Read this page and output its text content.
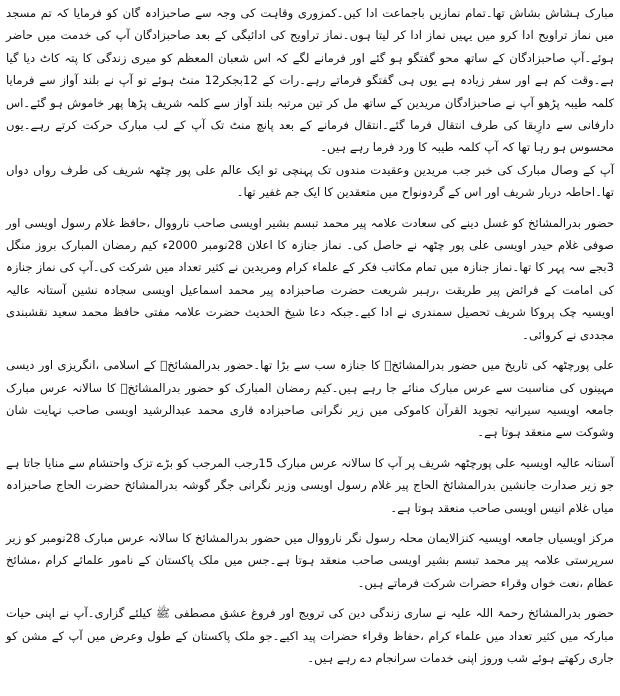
مبارک ہشاش بشاش تھا۔تمام نمازیں باجماعت ادا کیں۔کمزوری وقاہت کی وجہ سے صاحبزادہ گان کو فرمایا کہ تم مسجد میں نماز تراویح ادا کرو میں یہیں نماز ادا کر لیتا ہوں۔نماز تراویح کی ادائیگی کے بعد صاحبزادگان آپ کی خدمت میں حاضر ہوئے۔آپ صاحبزادگان کے ساتھ محو گفتگو ہو گئے اور فرمانے لگے کہ اس شعبان المعظم کو میری زندگی کا پتہ کاٹ دیا گیا ہے۔وقت کم ہے اور سفر زیادہ ہے یوں ہی گفتگو فرماتے رہے۔رات کے 12بجکر12 منٹ ہوئے تو آپ نے بلند آواز سے فرمایا کلمہ طیبہ پڑھو آپ نے صاحبزادگان مریدین کے ساتھ مل کر تین مرتبہ بلند آواز سے کلمہ شریف پڑھا پھر خاموش ہو گئے۔اس دارفانی سے دارِبقا کی طرف انتقال فرما گئے۔انتقال فرمانے کے بعد پانچ منٹ تک آپ کے لب مبارک حرکت کرتے رہے۔یوں محسوس ہو رہا تھا کہ آپ کلمہ طیبہ کا ورد فرما رہے ہیں۔

آپ کے وصال مبارک کی خبر جب مریدین وعقیدت مندوں تک پہنچی تو ایک عالم علی پور چٹھہ شریف کی طرف رواں دواں تھا۔احاطہ دربار شریف اور اس کے گردونواح میں متعقدین کا ایک جم غفیر تھا۔

حضور بدرالمشائخ کو غسل دینے کی سعادت علامہ پیر محمد تبسم بشیر اویسی صاحب نارووال ،حافظ غلام رسول اویسی اور صوفی غلام حیدر اویسی علی پور چٹھہ نے حاصل کی۔ نماز جنازہ کا اعلان 28نومبر 2000ء کیم رمضان المبارک بروز منگل 3بجے سہ پہر کا تھا۔نماز جنازہ میں تمام مکاتب فکر کے علماء کرام ومریدین نے کثیر تعداد میں شرکت کی۔آپ کی نماز جنازہ کی امامت کے فرائض پیر طریقت ،رہبر شریعت حضرت صاحبزادہ پیر محمد اسماعیل اویسی سجادہ نشین آستانہ عالیہ اویسیہ چک پروکا شریف تحصیل سمندری نے ادا کیے۔جبکہ دعا شیخ الحدیث حضرت علامہ مفتی حافظ محمد سعید نقشبندی مجددی نے کروائی۔

علی پورچٹھہ کی تاریخ میں حضور بدرالمشائخؒ کا جنازہ سب سے بڑا تھا۔حضور بدرالمشائخؒ کے اسلامی ،انگریزی اور دیسی مہینوں کی مناسبت سے عرس مبارک منائے جا رہے ہیں۔کیم رمضان المبارک کو حضور بدرالمشائخؒ کا سالانہ عرس مبارک جامعہ اویسیہ سیرانیہ تجوید القرآن کاموکی میں زیر نگرانی صاحبزادہ قاری محمد عبدالرشید اویسی صاحب نہایت شان وشوکت سے منعقد ہوتا ہے۔

آستانہ عالیہ اویسیہ علی پورچٹھہ شریف پر آپ کا سالانہ عرس مبارک 15رجب المرجب کو بڑے تزک واحتشام سے منایا جاتا ہے جو زیر صدارت جانشین بدرالمشائخ الحاج پیر غلام رسول اویسی وزیر نگرانی جگر گوشہ بدرالمشائخ حضرت الحاج صاحبزادہ میاں غلام انیس اویسی صاحب منعقد ہوتا ہے۔

مرکز اویسیاں جامعہ اویسیہ کنزالایمان محلہ رسول نگر نارووال میں حضور بدرالمشائخ کا سالانہ عرس مبارک 28نومبر کو زیر سرپرستی علامہ پیر محمد تبسم بشیر اویسی صاحب منعقد ہوتا ہے۔جس میں ملک پاکستان کے نامور علمائے کرام ،مشائخ عظام ،نعت خواں وقراء حضرات شرکت فرماتے ہیں۔

حضور بدرالمشائخ رحمۃ اللہ علیہ نے ساری زندگی دین کی ترویج اور فروغ عشق مصطفی ﷺ کیلئے گزاری۔آپ نے اپنی حیات مبارکہ میں کثیر تعداد میں علماء کرام ،حفاظ وقراء حضرات پید اکیے۔جو ملک پاکستان کے طول وعرض میں آپ کے مشن کو جاری رکھتے ہوئے شب وروز اپنی خدمات سرانجام دے رہے ہیں۔
